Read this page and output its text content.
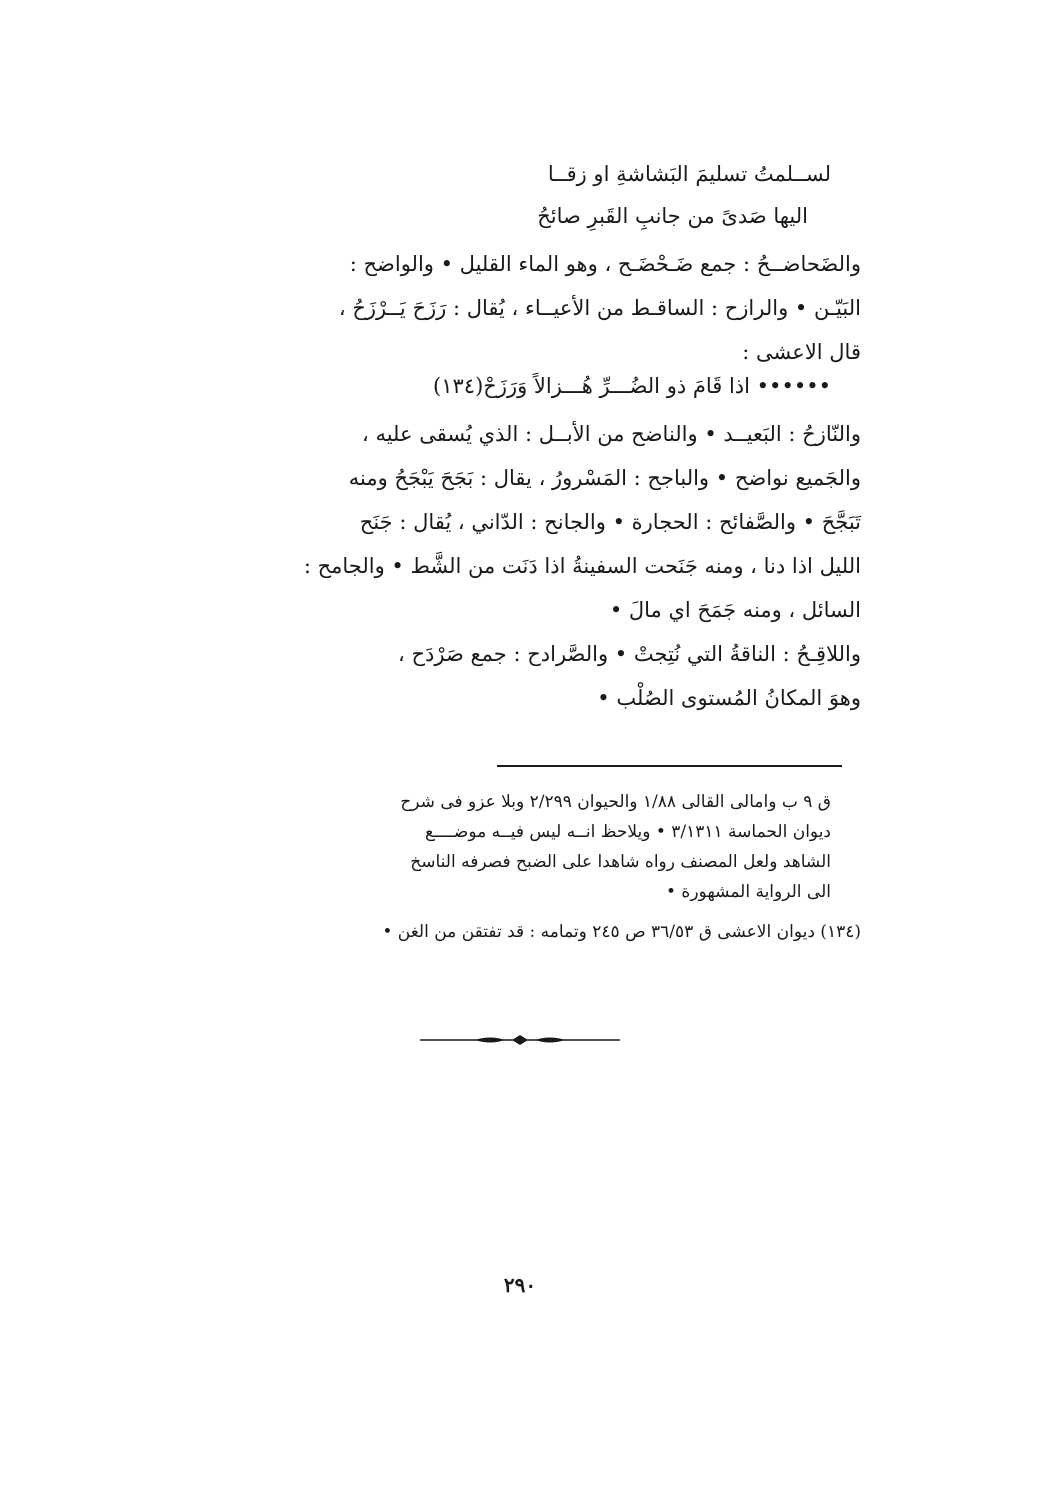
لســلمتُ تسليمَ البَشاشةِ او زقــا
اليها صَدىً من جانبِ القَبرِ صائحُ
والضَحاضــحُ : جمع ضَـحْضَـح ، وهو الماء القليل • والواضح :
البَيّـن • والرازح : الساقـط من الأعيــاء ، يُقال : رَزَحَ يَــرْزَحُ ،
قال الاعشى :
•••••• اذا قَامَ ذو الضُـــرِّ هُـــزالاً وَرَزَحْ(١٣٤)
والنّازحُ : البَعيــد • والناضح من الأبــل : الذي يُسقى عليه ،
والجَميع نواضح • والباجح : المَسْرورُ ، يقال : بَجَحَ يَبْجَحُ ومنه
تَبَجَّحَ • والصَّفائح : الحجارة • والجانح : الدّاني ، يُقال : جَنَح
الليل اذا دنا ، ومنه جَنَحت السفينةُ اذا دَنَت من الشَّط • والجامح :
السائل ، ومنه جَمَحَ اي مالَ •
واللاقِـحُ : الناقةُ التي نُتِجتْ • والصَّرادح : جمع صَرْدَح ،
وهوَ المكانُ المُستوى الصُلْب •
ق ٩ ب وامالى القالى ١/٨٨ والحيوان ٢/٢٩٩ وبلا عزو فى شرح
ديوان الحماسة ٣/١٣١١ • ويلاحظ انــه ليس فيــه موضــــع
الشاهد ولعل المصنف رواه شاهدا على الضبح فصرفه الناسخ
الى الرواية المشهورة •
(١٣٤) ديوان الاعشى ق ٣٦/٥٣ ص ٢٤٥ وتمامه : قد تفتقن من الغن •
٢٩٠
